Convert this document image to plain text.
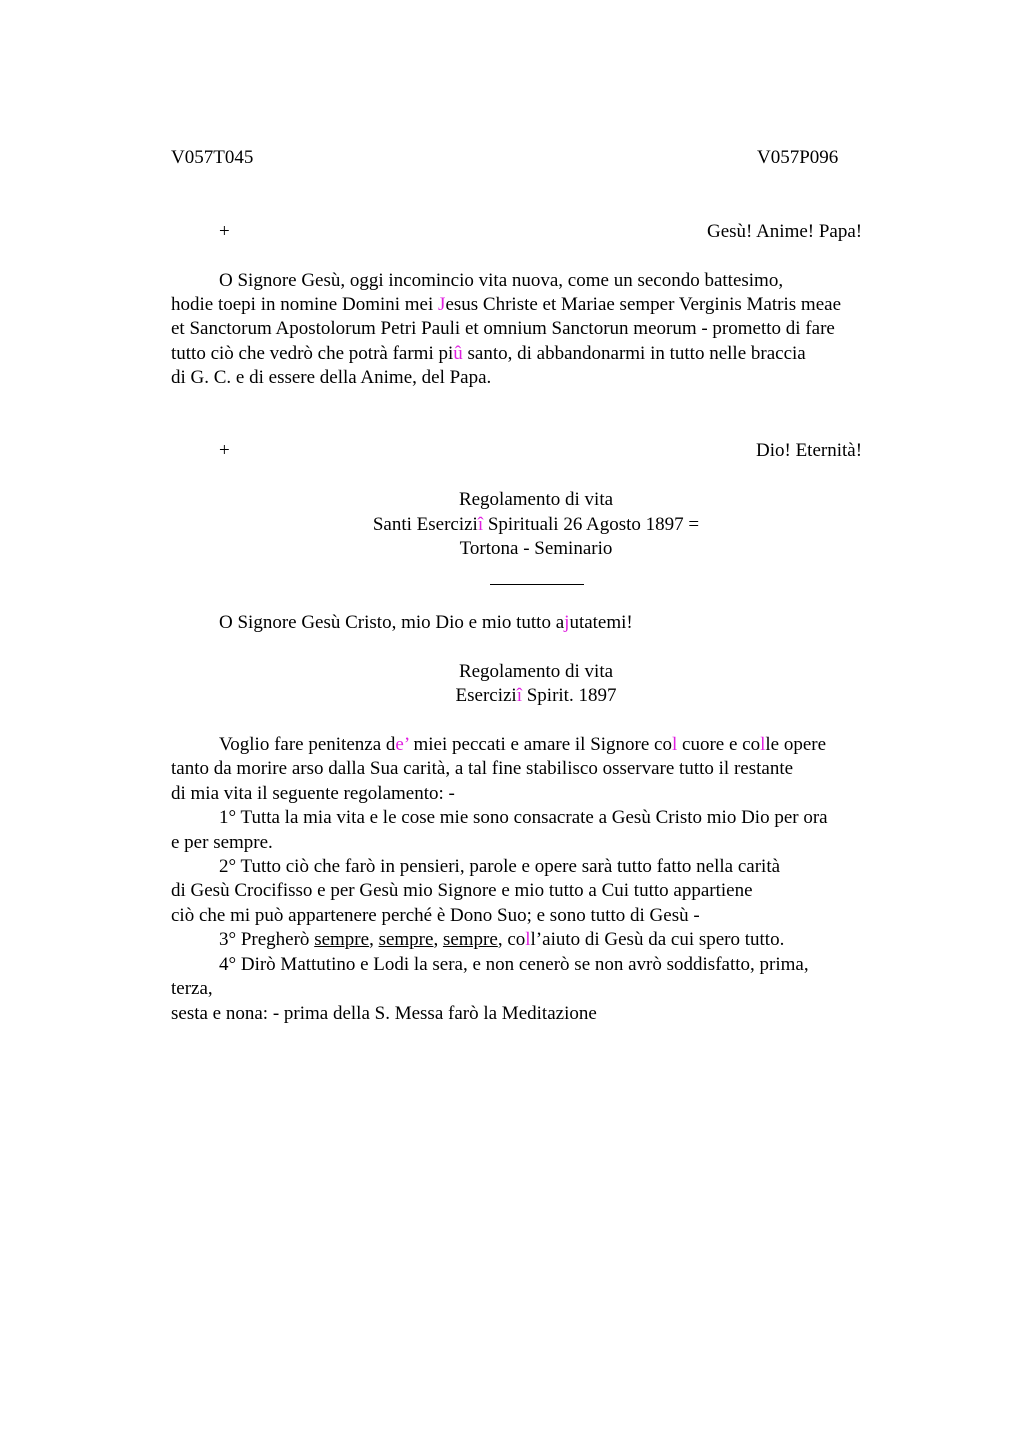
V057T045	V057P096
+	Gesù! Anime! Papa!
O Signore Gesù, oggi incomincio vita nuova, come un secondo battesimo,
hodie toepi in nomine Domini mei Jesus Christe et Mariae semper Verginis Matris meae
et Sanctorum Apostolorum Petri Pauli et omnium Sanctorun meorum - prometto di fare
tutto ciò che vedrò che potrà farmi piû santo, di abbandonarmi in tutto nelle braccia
di G. C. e di essere della Anime, del Papa.
+	Dio! Eternità!
Regolamento di vita
Santi Eserciziî Spirituali 26 Agosto 1897 =
Tortona - Seminario
O Signore Gesù Cristo, mio Dio e mio tutto ajutatemi!
Regolamento di vita
Eserciziî Spirit. 1897
Voglio fare penitenza de’ miei peccati e amare il Signore col cuore e colle opere
tanto da morire arso dalla Sua carità, a tal fine stabilisco osservare tutto il restante
di mia vita il seguente regolamento: -
1° Tutta la mia vita e le cose mie sono consacrate a Gesù Cristo mio Dio per ora
e per sempre.
2° Tutto ciò che farò in pensieri, parole e opere sarà tutto fatto nella carità
di Gesù Crocifisso e per Gesù mio Signore e mio tutto a Cui tutto appartiene
ciò che mi può appartenere perché è Dono Suo; e sono tutto di Gesù -
3° Pregherò sempre, sempre, sempre, coll’aiuto di Gesù da cui spero tutto.
4° Dirò Mattutino e Lodi la sera, e non cenerò se non avrò soddisfatto, prima,
terza,
sesta e nona: - prima della S. Messa farò la Meditazione
